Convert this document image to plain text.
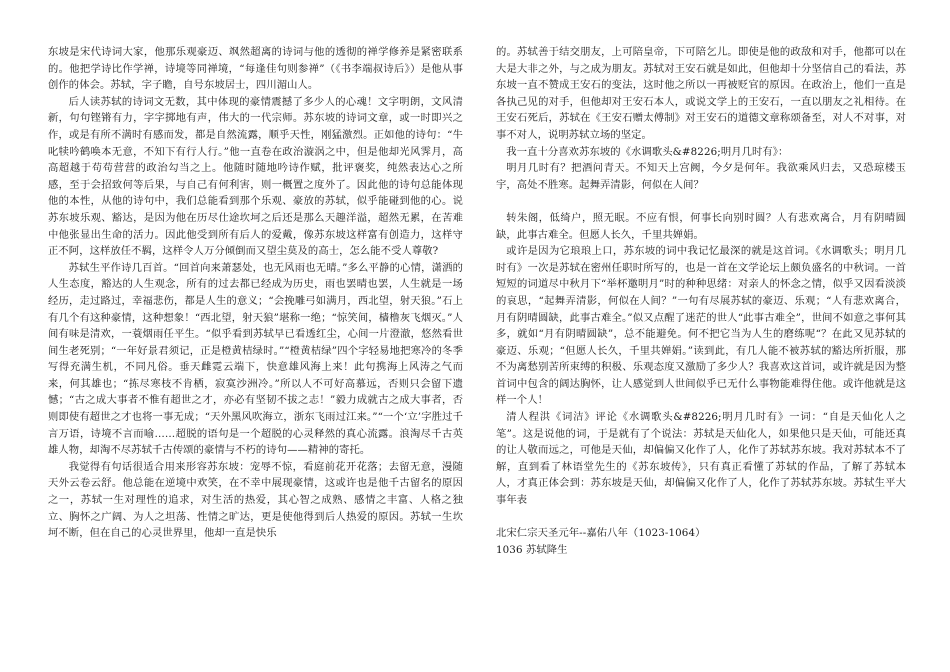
东坡是宋代诗词大家，他那乐观豪迈、飒然超离的诗词与他的透彻的禅学修养是紧密联系的。他把学诗比作学禅，诗境等同禅境，“每逢佳句则参禅”（《书李端叔诗后》）是他从事创作的体会。苏轼，字子瞻，自号东坡居士，四川湄山人。

后人读苏轼的诗词文无数，其中体现的豪情震撼了多少人的心魂！文字明朗，文风清新，句句铿锵有力，字字掷地有声，伟大的一代宗师。苏东坡的诗词文章，或一时即兴之作，或是有所不满时有感而发，都是自然流露，顺乎天性，刚猛激烈。正如他的诗句：“牛叱犊吟鹤唤本无意，不知下有行人行。”他一直卷在政治漩涡之中，但是他却光风霁月，高高超越于苟苟营营的政治勾当之上。他随时随地吟诗作赋，批评褒奖，纯然表达心之所感，至于会招致何等后果，与自己有何利害，则一概置之度外了。因此他的诗句总能体现他的本性，从他的诗句中，我们总能看到那个乐观、豪放的苏轼，似乎能碰到他的心。说苏东坡乐观、豁达，是因为他在历尽仕途坎坷之后还是那么天趣洋溢，超然无累，在苦难中他张显出生命的活力。因此他受到所有后人的爱戴，像苏东坡这样富有创造力，这样守正不阿，这样放任不羁，这样令人万分倾倒而又望尘莫及的高士，怎么能不受人尊敬?

苏轼生平作诗几百首。“回首向来萧瑟处，也无风雨也无晴。”多么平静的心情，潇洒的人生态度，豁达的人生观念，所有的过去都已经成为历史，雨也罢晴也罢，人生就是一场经历，走过路过，幸福悲伤，都是人生的意义；“会挽雕弓如满月，西北望，射天狼。”石上有几个有这种豪情，这种想象！“西北望，射天狼”堪称一绝；“惊笑间，樯橹灰飞烟灭。”人间有味是清欢，一蓑烟雨任平生。“似乎看到苏轼早已看透红尘，心间一片澄澈，悠然看世间生老死别；“一年好景君须记，正是橙黄桔绿时。”“橙黄桔绿”四个字轻易地把寒冷的冬季写得充满生机，不同凡俗。垂天雌霓云端下，快意雄风海上来！此句携海上风涛之气而来，何其雄也；“拣尽寒枝不肯栖，寂寞沙洲冷。”所以人不可好高慕远，否则只会留下遗憾；“古之成大事者不惟有超世之才，亦必有坚韧不拔之志！”毅力成就古之成大事者，否则即使有超世之才也将一事无成；“天外黑风吹海立，浙东飞雨过江来。”“一个‘立’字胜过千言万语，诗境不言而喻……超脱的语句是一个超脱的心灵释然的真心流露。浪淘尽千古英雄人物，却淘不尽苏轼千古传颂的豪情与不朽的诗句——精神的寄托。

我觉得有句话很适合用来形容苏东坡：宠辱不惊，看庭前花开花落；去留无意，漫随天外云卷云舒。他总能在逆境中欢笑，在不幸中展现豪情，这或许也是他千古留名的原因之一，苏轼一生对理性的追求，对生活的热爱，其心智之成熟、感情之丰富、人格之独立、胸怀之广阔、为人之坦荡、性情之旷达，更是使他得到后人热爱的原因。苏轼一生坎坷不断，但在自己的心灵世界里，他却一直是快乐

的。苏轼善于结交朋友，上可陪皇帝，下可陪乞儿。即使是他的政敌和对手，他都可以在大是大非之外，与之成为朋友。苏轼对王安石就是如此，但他却十分坚信自己的看法，苏东坡一直不赞成王安石的变法，这时他之所以一再被贬官的原因。在政治上，他们一直是各执己见的对手，但他却对王安石本人，或说文学上的王安石，一直以朋友之礼相待。在王安石死后，苏轼在《王安石赠太傅制》对王安石的道德文章称颂备至，对人不对事，对事不对人，说明苏轼立场的坚定。

我一直十分喜欢苏东坡的《水调歌头&#8226;明月几时有》：

明月几时有？把酒问青天。不知天上宫阙，今夕是何年。我欲乘风归去，又恐琼楼玉宇，高处不胜寒。起舞弄清影，何似在人间？

转朱阁，低绮户，照无眠。不应有恨，何事长向别时圆？人有悲欢离合，月有阴晴圆缺，此事古难全。但愿人长久，千里共婵娟。

或许是因为它琅琅上口，苏东坡的词中我记忆最深的就是这首词。《水调歌头；明月几时有》一次是苏轼在密州任职时所写的，也是一首在文学论坛上颇负盛名的中秋词。一首短短的词道尽中秋月下“举杯邀明月”时的种种思绪：对亲人的怀念之情，似乎又因看淡淡的哀思，“起舞弄清影，何似在人间？”一句有尽展苏轼的豪迈、乐观；“人有悲欢离合，月有阴晴圆缺，此事古难全。”似又点醒了迷茫的世人“此事古难全”，世间不如意之事何其多，就如“月有阴晴圆缺”，总不能避免。何不把它当为人生的磨练呢“？在此又见苏轼的豪迈、乐观；“但愿人长久，千里共婵娟。”读到此，有几人能不被苏轼的豁达所折服，那不为离愁别苦所束缚的积极、乐观态度又激励了多少人？我喜欢这首词，或许就是因为整首词中包含的阔达胸怀，让人感觉到人世间似乎已无什么事物能难得住他。或许他就是这样一个人！

清人程洪《词洁》评论《水调歌头&#8226;明月几时有》一词：“自是天仙化人之笔”。这是说他的词，于是就有了个说法：苏轼是天仙化人，如果他只是天仙，可能还真的让人敬而远之，可他是天仙，却偏偏又化作了人，化作了苏轼苏东坡。我对苏轼本不了解，直到看了林语堂先生的《苏东坡传》，只有真正看懂了苏轼的作品，了解了苏轼本人，才真正体会到：苏东坡是天仙，却偏偏又化作了人，化作了苏轼苏东坡。苏轼生平大事年表

北宋仁宗天圣元年--嘉佑八年（1023-1064）

1036 苏轼降生
